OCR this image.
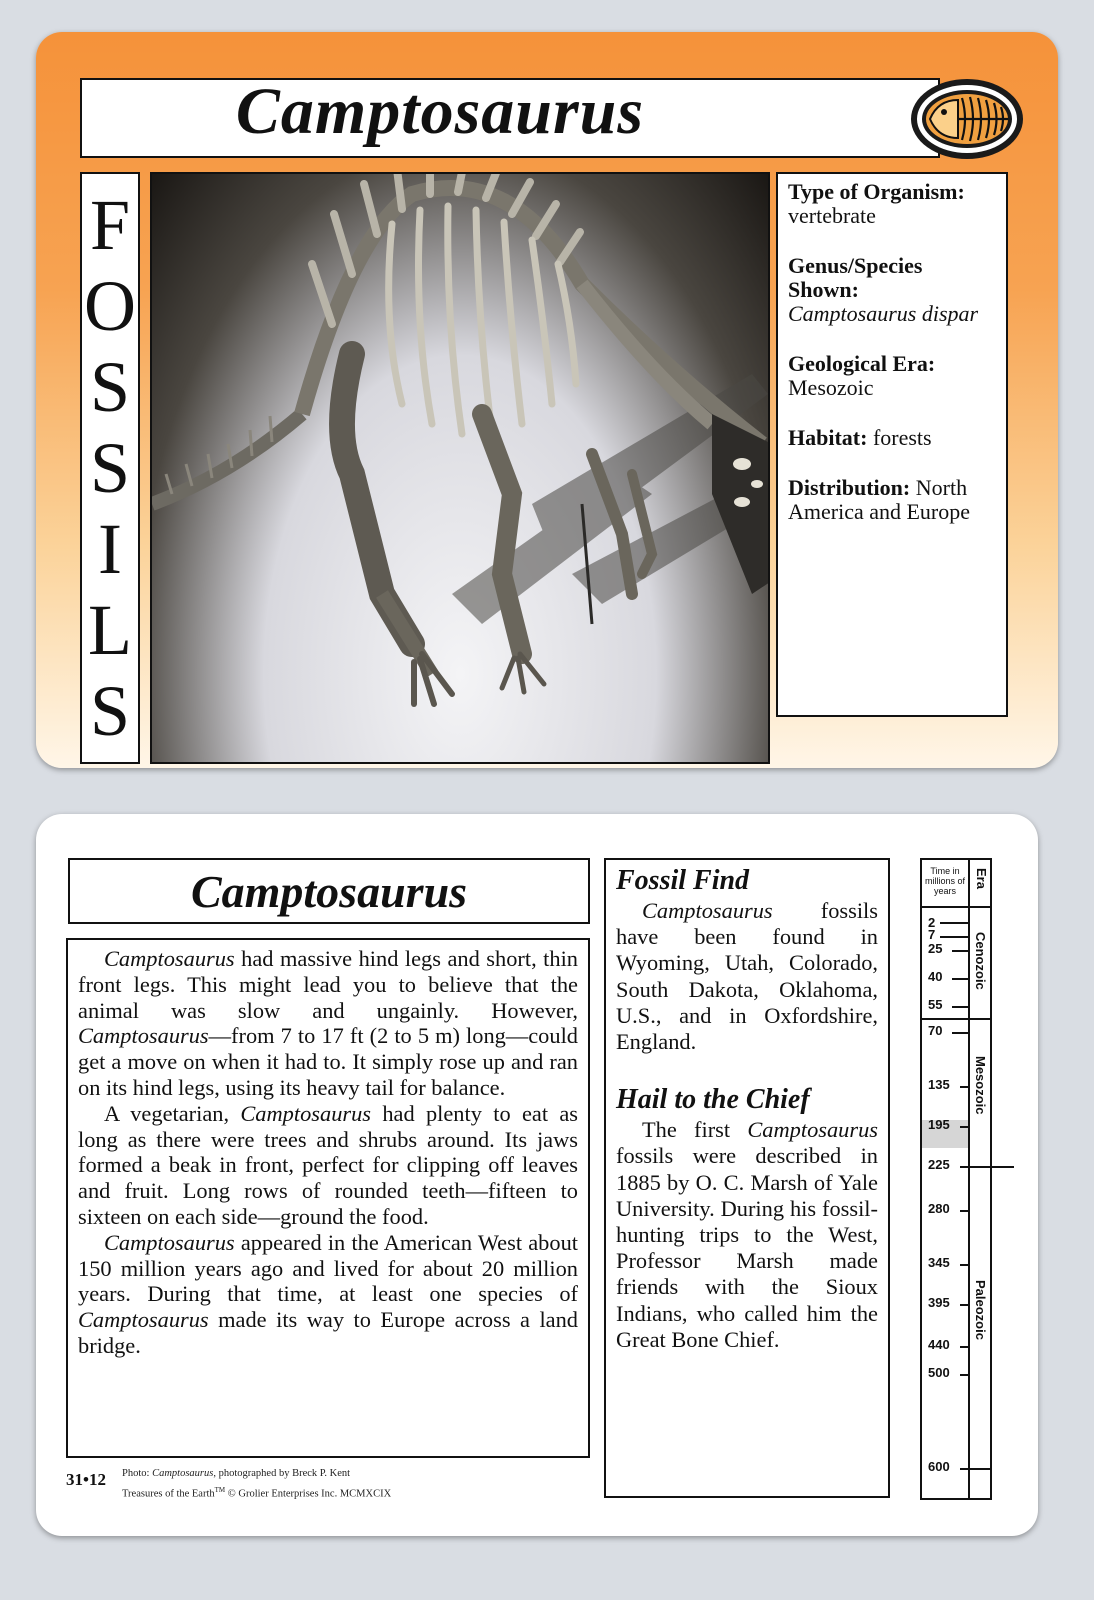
Camptosaurus
F
O
S
S
I
L
S
Type of Organism:
vertebrate
Genus/Species Shown:
Camptosaurus dispar
Geological Era:
Mesozoic
Habitat: forests
Distribution: North America and Europe
Camptosaurus

Camptosaurus had massive hind legs and short, thin front legs. This might lead you to believe that the animal was slow and ungainly. However, Camptosaurus—from 7 to 17 ft (2 to 5 m) long—could get a move on when it had to. It simply rose up and ran on its hind legs, using its heavy tail for balance.

A vegetarian, Camptosaurus had plenty to eat as long as there were trees and shrubs around. Its jaws formed a beak in front, perfect for clipping off leaves and fruit. Long rows of rounded teeth—fifteen to sixteen on each side—ground the food.

Camptosaurus appeared in the American West about 150 million years ago and lived for about 20 million years. During that time, at least one species of Camptosaurus made its way to Europe across a land bridge.

31•12 Photo: Camptosaurus, photographed by Breck P. Kent
Treasures of the Earth™ © Grolier Enterprises Inc. MCMXCIX
Fossil Find

Camptosaurus fossils have been found in Wyoming, Utah, Colorado, South Dakota, Oklahoma, U.S., and in Oxfordshire, England.

Hail to the Chief

The first Camptosaurus fossils were described in 1885 by O. C. Marsh of Yale University. During his fossil-hunting trips to the West, Professor Marsh made friends with the Sioux Indians, who called him the Great Bone Chief.

Time in millions of years
Era
2
7
25
40
55
70
135
195
225
280
345
395
440
500
600
Cenozoic
Mesozoic
Paleozoic
